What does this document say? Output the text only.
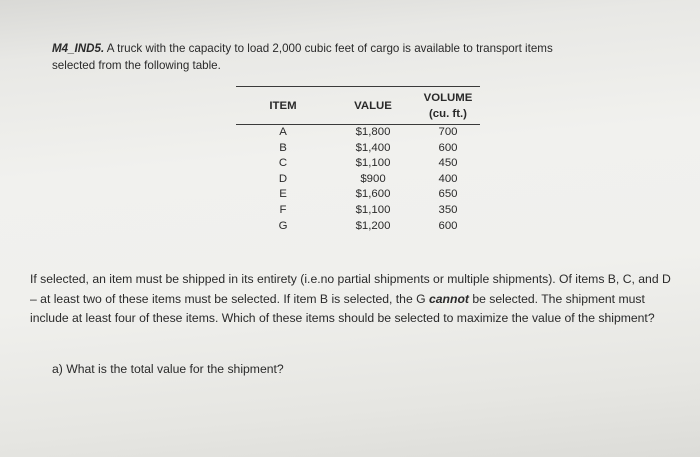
M4_IND5. A truck with the capacity to load 2,000 cubic feet of cargo is available to transport items
selected from the following table.
ITEM	VALUE	VOLUME
(cu. ft.)
A	$1,800	700
B	$1,400	600
C	$1,100	450
D	$900	400
E	$1,600	650
F	$1,100	350
G	$1,200	600
If selected, an item must be shipped in its entirety (i.e.no partial shipments or multiple shipments). Of items B, C, and D – at least two of these items must be selected. If item B is selected, the G cannot be selected. The shipment must include at least four of these items. Which of these items should be selected to maximize the value of the shipment?
a) What is the total value for the shipment?
